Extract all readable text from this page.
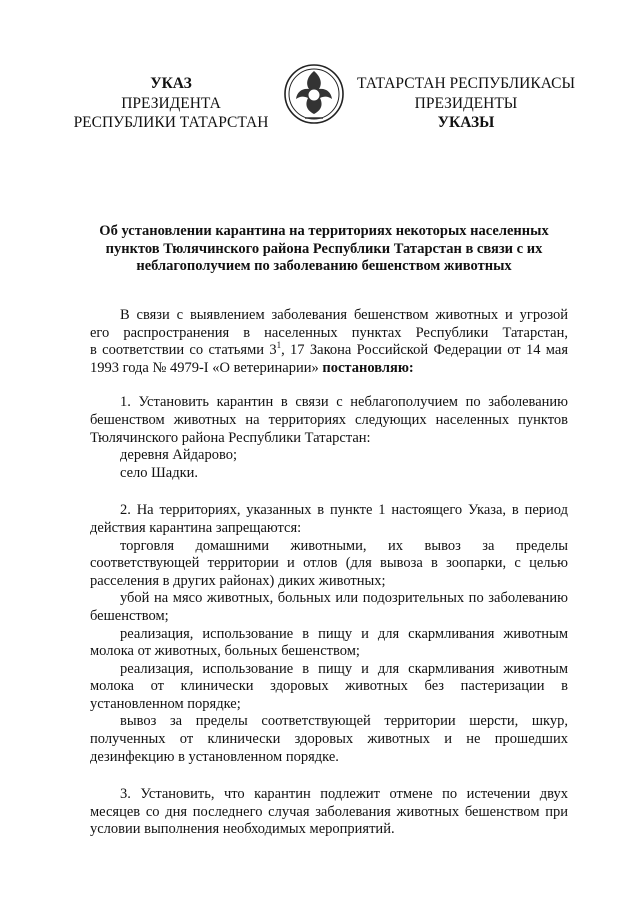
УКАЗ
ПРЕЗИДЕНТА
РЕСПУБЛИКИ ТАТАРСТАН
ТАТАРСТАН РЕСПУБЛИКАСЫ
ПРЕЗИДЕНТЫ
УКАЗЫ
Об установлении карантина на территориях некоторых населенных
пунктов Тюлячинского района Республики Татарстан в связи с их
неблагополучием по заболеванию бешенством животных

В связи с выявлением заболевания бешенством животных и угрозой

его распространения в населенных пунктах Республики Татарстан,

в соответствии со статьями $3^1$, 17 Закона Российской Федерации от 14 мая

1993 года № 4979-I «О ветеринарии» постановляю:

1. Установить карантин в связи с неблагополучием по заболеванию

бешенством животных на территориях следующих населенных пунктов

Тюлячинского района Республики Татарстан:

деревня Айдарово;

село Шадки.

2. На территориях, указанных в пункте 1 настоящего Указа, в период

действия карантина запрещаются:

торговля домашними животными, их вывоз за пределы

соответствующей территории и отлов (для вывоза в зоопарки, с целью

расселения в других районах) диких животных;

убой на мясо животных, больных или подозрительных по заболеванию

бешенством;

реализация, использование в пищу и для скармливания животным

молока от животных, больных бешенством;

реализация, использование в пищу и для скармливания животным

молока от клинически здоровых животных без пастеризации в

установленном порядке;

вывоз за пределы соответствующей территории шерсти, шкур,

полученных от клинически здоровых животных и не прошедших

дезинфекцию в установленном порядке.

3. Установить, что карантин подлежит отмене по истечении двух

месяцев со дня последнего случая заболевания животных бешенством при

условии выполнения необходимых мероприятий.
